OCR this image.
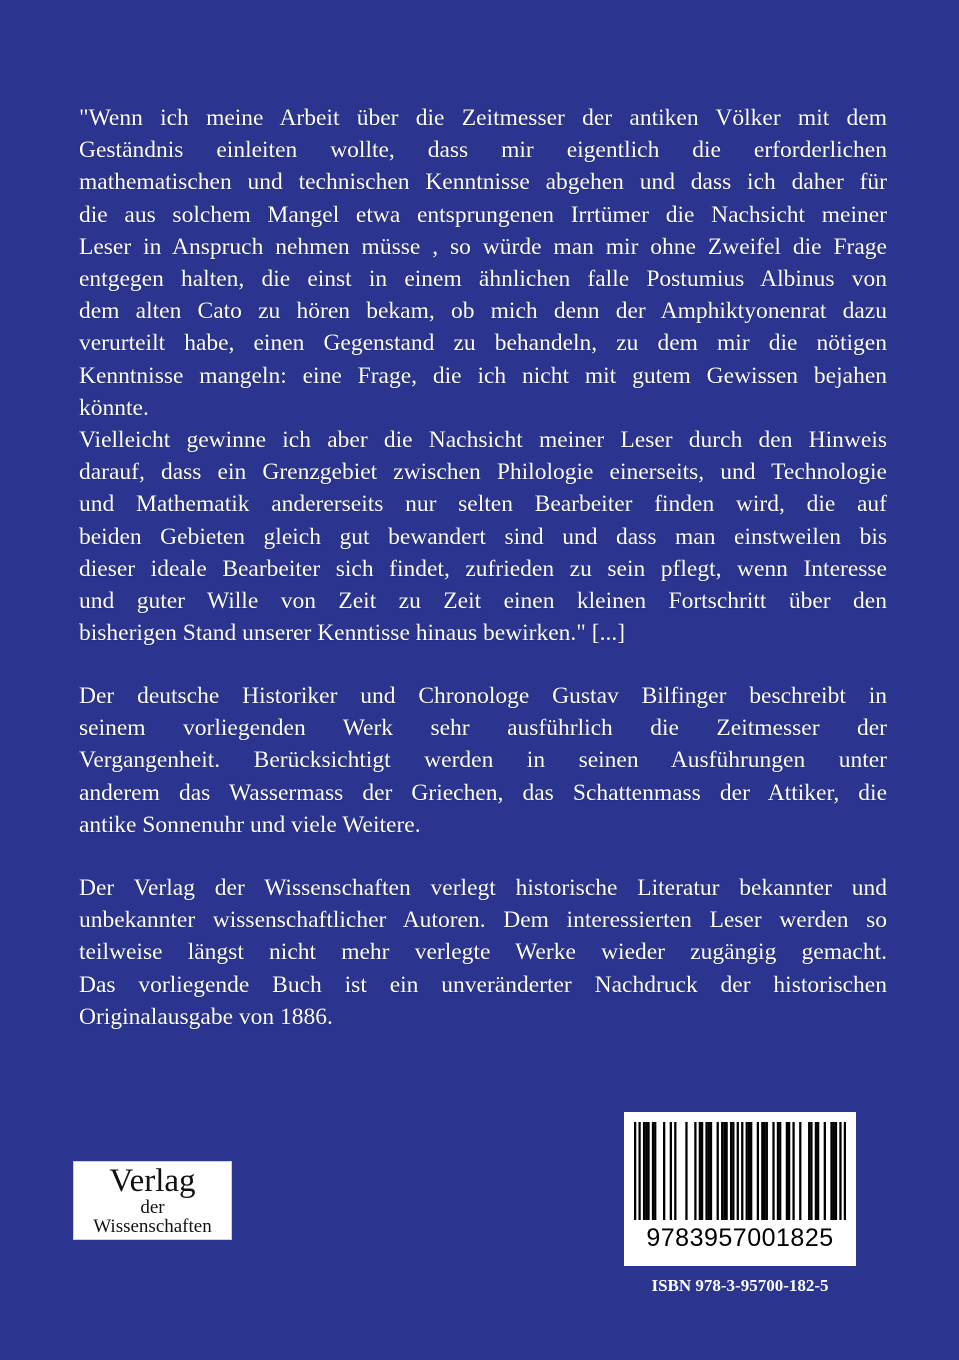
"Wenn ich meine Arbeit über die Zeitmesser der antiken Völker mit dem
Geständnis einleiten wollte, dass mir eigentlich die erforderlichen
mathematischen und technischen Kenntnisse abgehen und dass ich daher für
die aus solchem Mangel etwa entsprungenen Irrtümer die Nachsicht meiner
Leser in Anspruch nehmen müsse , so würde man mir ohne Zweifel die Frage
entgegen halten, die einst in einem ähnlichen falle Postumius Albinus von
dem alten Cato zu hören bekam, ob mich denn der Amphiktyonenrat dazu
verurteilt habe, einen Gegenstand zu behandeln, zu dem mir die nötigen
Kenntnisse mangeln: eine Frage, die ich nicht mit gutem Gewissen bejahen
könnte.
Vielleicht gewinne ich aber die Nachsicht meiner Leser durch den Hinweis
darauf, dass ein Grenzgebiet zwischen Philologie einerseits, und Technologie
und Mathematik andererseits nur selten Bearbeiter finden wird, die auf
beiden Gebieten gleich gut bewandert sind und dass man einstweilen bis
dieser ideale Bearbeiter sich findet, zufrieden zu sein pflegt, wenn Interesse
und guter Wille von Zeit zu Zeit einen kleinen Fortschritt über den
bisherigen Stand unserer Kenntisse hinaus bewirken." [...]
Der deutsche Historiker und Chronologe Gustav Bilfinger beschreibt in
seinem vorliegenden Werk sehr ausführlich die Zeitmesser der
Vergangenheit. Berücksichtigt werden in seinen Ausführungen unter
anderem das Wassermass der Griechen, das Schattenmass der Attiker, die
antike Sonnenuhr und viele Weitere.
Der Verlag der Wissenschaften verlegt historische Literatur bekannter und
unbekannter wissenschaftlicher Autoren. Dem interessierten Leser werden so
teilweise längst nicht mehr verlegte Werke wieder zugängig gemacht.
Das vorliegende Buch ist ein unveränderter Nachdruck der historischen
Originalausgabe von 1886.
Verlag
der
Wissenschaften	9783957001825

ISBN 978-3-95700-182-5
